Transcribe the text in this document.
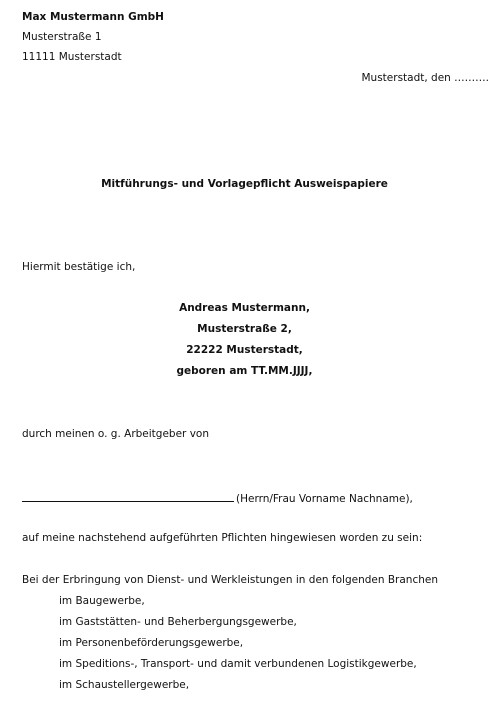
Max Mustermann GmbH
Musterstraße 1
11111 Musterstadt
Musterstadt, den ……….
Mitführungs- und Vorlagepflicht Ausweispapiere
Hiermit bestätige ich,
Andreas Mustermann,
Musterstraße 2,
22222 Musterstadt,
geboren am TT.MM.JJJJ,
durch meinen o. g. Arbeitgeber von
(Herrn/Frau Vorname Nachname),
auf meine nachstehend aufgeführten Pflichten hingewiesen worden zu sein:
Bei der Erbringung von Dienst- und Werkleistungen in den folgenden Branchen
im Baugewerbe,
im Gaststätten- und Beherbergungsgewerbe,
im Personenbeförderungsgewerbe,
im Speditions-, Transport- und damit verbundenen Logistikgewerbe,
im Schaustellergewerbe,
